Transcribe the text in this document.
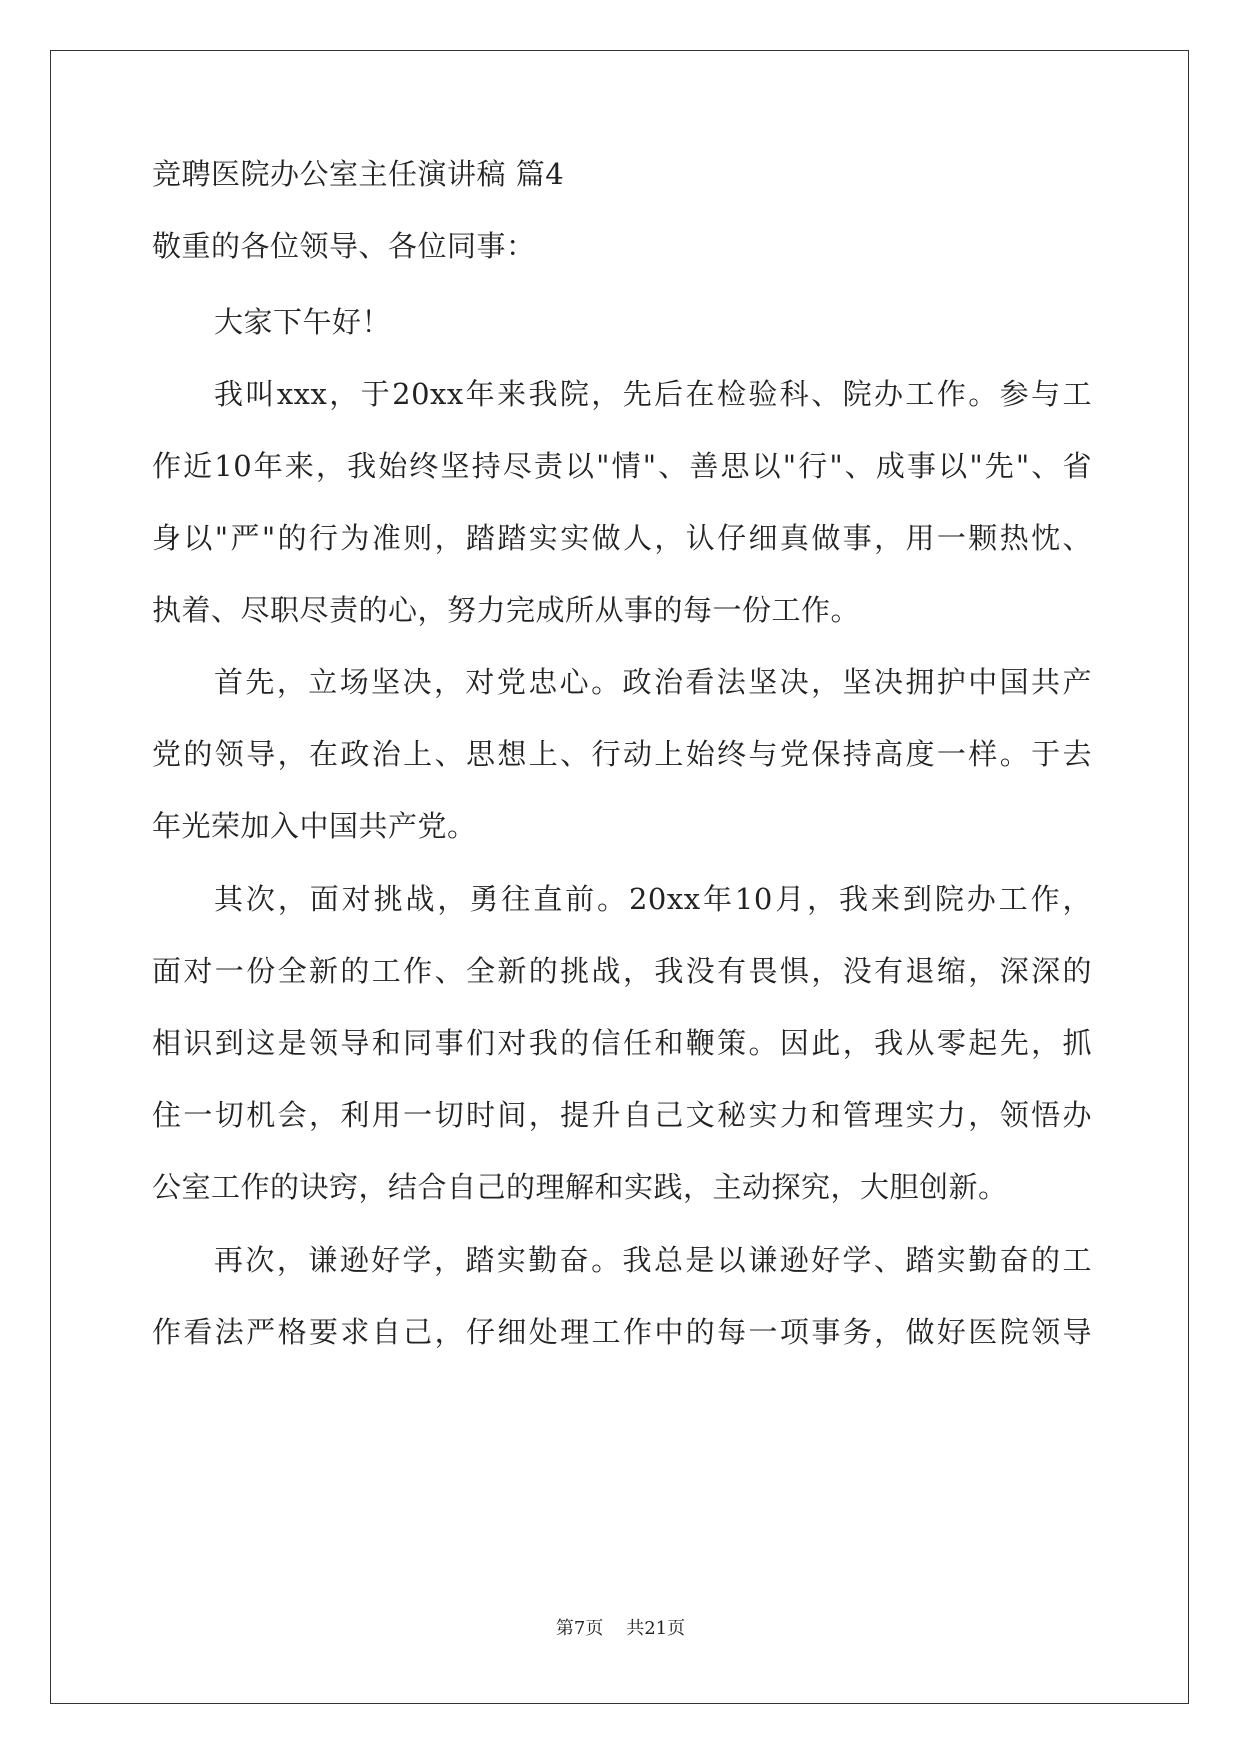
竞聘医院办公室主任演讲稿 篇4
敬重的各位领导、各位同事：
大家下午好！
我叫xxx，于20xx年来我院，先后在检验科、院办工作。参与工
作近10年来，我始终坚持尽责以"情"、善思以"行"、成事以"先"、省
身以"严"的行为准则，踏踏实实做人，认仔细真做事，用一颗热忱、
执着、尽职尽责的心，努力完成所从事的每一份工作。
首先，立场坚决，对党忠心。政治看法坚决，坚决拥护中国共产
党的领导，在政治上、思想上、行动上始终与党保持高度一样。于去
年光荣加入中国共产党。
其次，面对挑战，勇往直前。20xx年10月，我来到院办工作，
面对一份全新的工作、全新的挑战，我没有畏惧，没有退缩，深深的
相识到这是领导和同事们对我的信任和鞭策。因此，我从零起先，抓
住一切机会，利用一切时间，提升自己文秘实力和管理实力，领悟办
公室工作的诀窍，结合自己的理解和实践，主动探究，大胆创新。
再次，谦逊好学，踏实勤奋。我总是以谦逊好学、踏实勤奋的工
作看法严格要求自己，仔细处理工作中的每一项事务，做好医院领导
第7页 共21页
